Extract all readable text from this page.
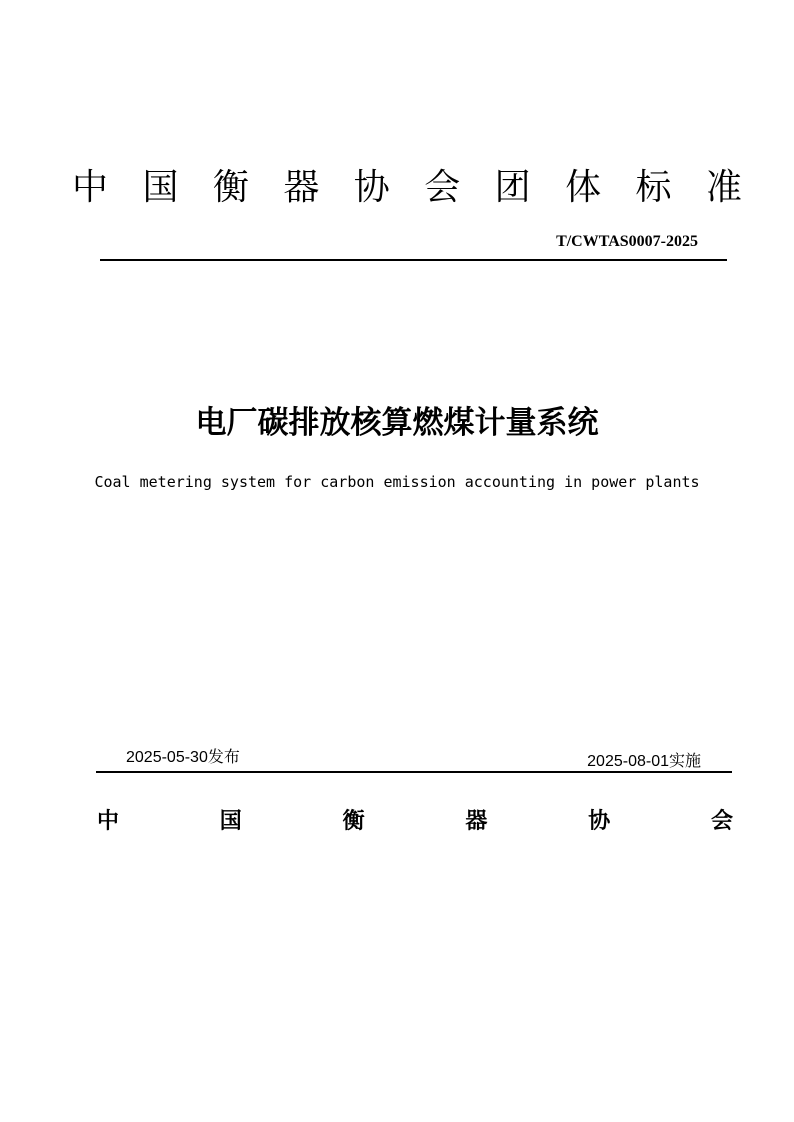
中 国 衡 器 协 会 团 体 标 准
T/CWTAS0007-2025
电厂碳排放核算燃煤计量系统
Coal metering system for carbon emission accounting in power plants
2025-05-30发布	2025-08-01实施
中	国	衡	器	协	会
